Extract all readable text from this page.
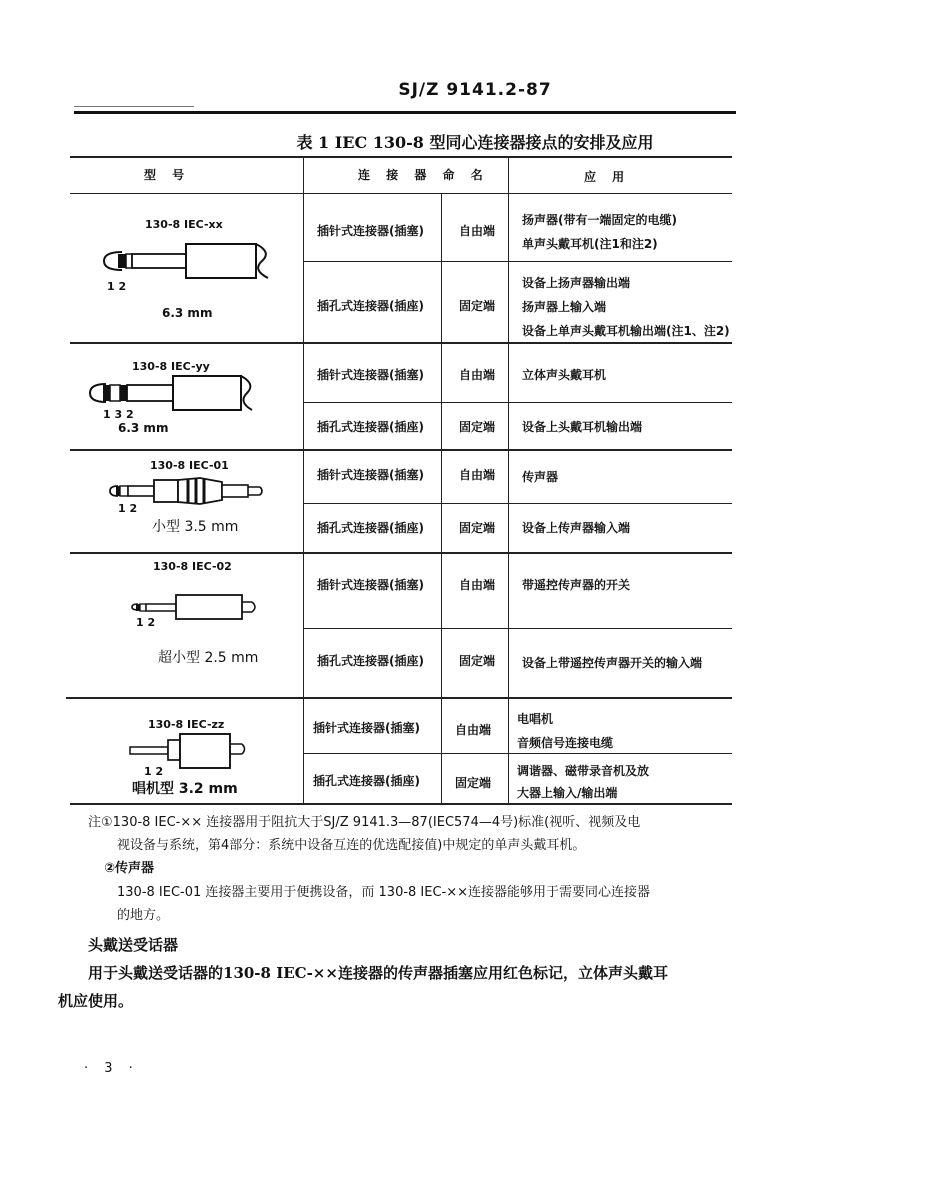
SJ/Z 9141.2-87
表 1 IEC 130-8 型同心连接器接点的安排及应用
型 号	连 接 器 命 名	应 用
130-8 IEC-xx
1 2
6.3 mm
插针式连接器(插塞)	自由端
扬声器(带有一端固定的电缆)
单声头戴耳机(注1和注2)
插孔式连接器(插座)	固定端
设备上扬声器输出端
扬声器上输入端
设备上单声头戴耳机输出端(注1、注2)
130-8 IEC-yy
1 3 2
6.3 mm
插针式连接器(插塞)	自由端 立体声头戴耳机
插孔式连接器(插座)	固定端 设备上头戴耳机输出端
130-8 IEC-01
1 2
小型 3.5 mm
插针式连接器(插塞)	自由端 传声器
插孔式连接器(插座)	固定端 设备上传声器输入端
130-8 IEC-02
1 2
超小型 2.5 mm
插针式连接器(插塞)	自由端 带遥控传声器的开关
插孔式连接器(插座)	固定端 设备上带遥控传声器开关的输入端
130-8 IEC-zz
1 2
唱机型 3.2 mm
插针式连接器(插塞)	自由端
电唱机
音频信号连接电缆
插孔式连接器(插座)	固定端
调谐器、磁带录音机及放
大器上输入/输出端
注①130-8 IEC-×× 连接器用于阻抗大于SJ/Z 9141.3—87(IEC574—4号)标准(视听、视频及电
视设备与系统，第4部分：系统中设备互连的优选配接值)中规定的单声头戴耳机。
②传声器
130-8 IEC-01 连接器主要用于便携设备，而 130-8 IEC-××连接器能够用于需要同心连接器
的地方。
头戴送受话器
用于头戴送受话器的130-8 IEC-××连接器的传声器插塞应用红色标记，立体声头戴耳
机应使用。
· 3 ·
